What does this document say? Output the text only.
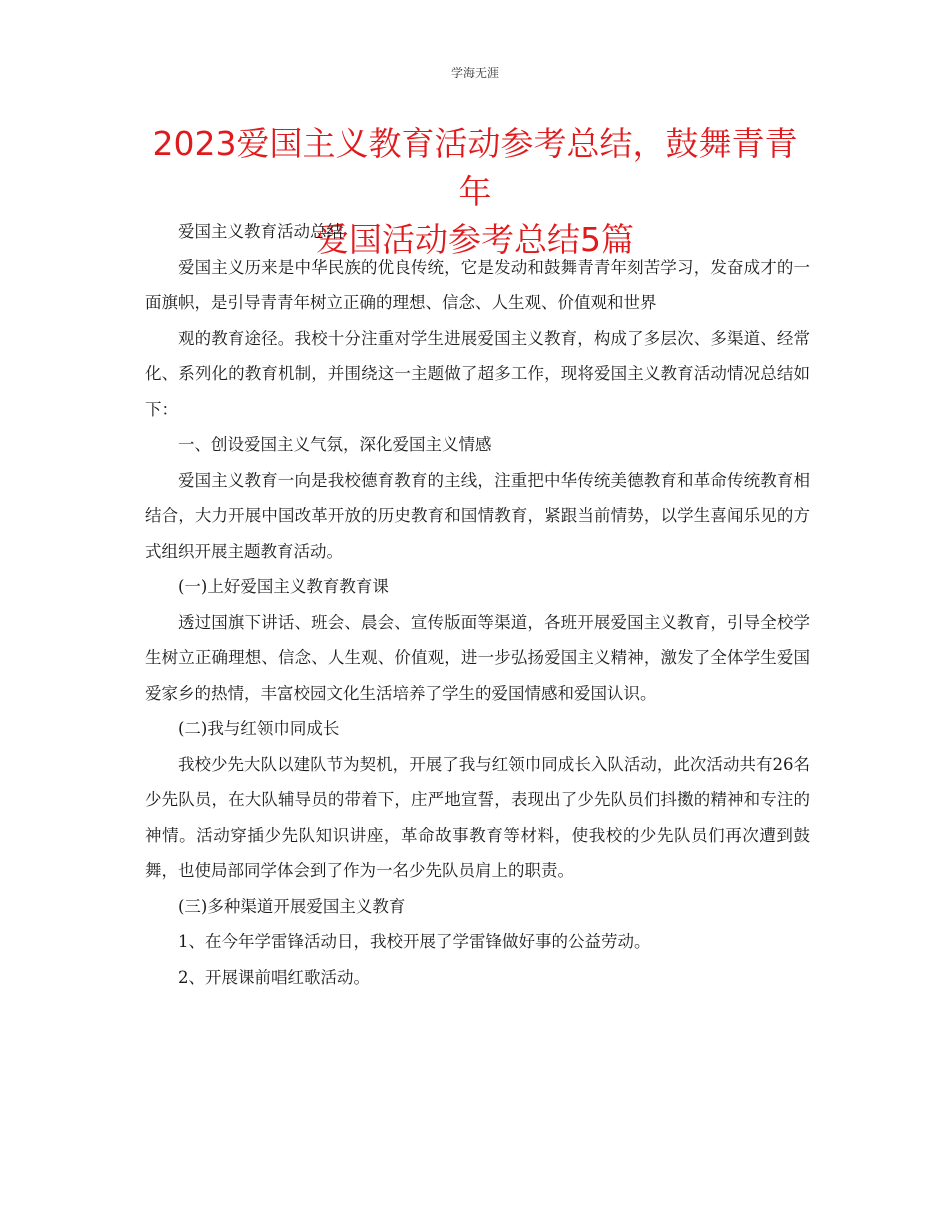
学海无涯
2023爱国主义教育活动参考总结，鼓舞青青年
爱国活动参考总结5篇

爱国主义教育活动总结

爱国主义历来是中华民族的优良传统，它是发动和鼓舞青青年刻苦学习，发奋成才的一面旗帜，是引导青青年树立正确的理想、信念、人生观、价值观和世界

观的教育途径。我校十分注重对学生进展爱国主义教育，构成了多层次、多渠道、经常化、系列化的教育机制，并围绕这一主题做了超多工作，现将爱国主义教育活动情况总结如下：

一、创设爱国主义气氛，深化爱国主义情感

爱国主义教育一向是我校德育教育的主线，注重把中华传统美德教育和革命传统教育相结合，大力开展中国改革开放的历史教育和国情教育，紧跟当前情势，以学生喜闻乐见的方式组织开展主题教育活动。

(一)上好爱国主义教育教育课

透过国旗下讲话、班会、晨会、宣传版面等渠道，各班开展爱国主义教育，引导全校学生树立正确理想、信念、人生观、价值观，进一步弘扬爱国主义精神，激发了全体学生爱国爱家乡的热情，丰富校园文化生活培养了学生的爱国情感和爱国认识。

(二)我与红领巾同成长

我校少先大队以建队节为契机，开展了我与红领巾同成长入队活动，此次活动共有26名少先队员，在大队辅导员的带着下，庄严地宣誓，表现出了少先队员们抖擞的精神和专注的神情。活动穿插少先队知识讲座，革命故事教育等材料，使我校的少先队员们再次遭到鼓舞，也使局部同学体会到了作为一名少先队员肩上的职责。

(三)多种渠道开展爱国主义教育

1、在今年学雷锋活动日，我校开展了学雷锋做好事的公益劳动。

2、开展课前唱红歌活动。
